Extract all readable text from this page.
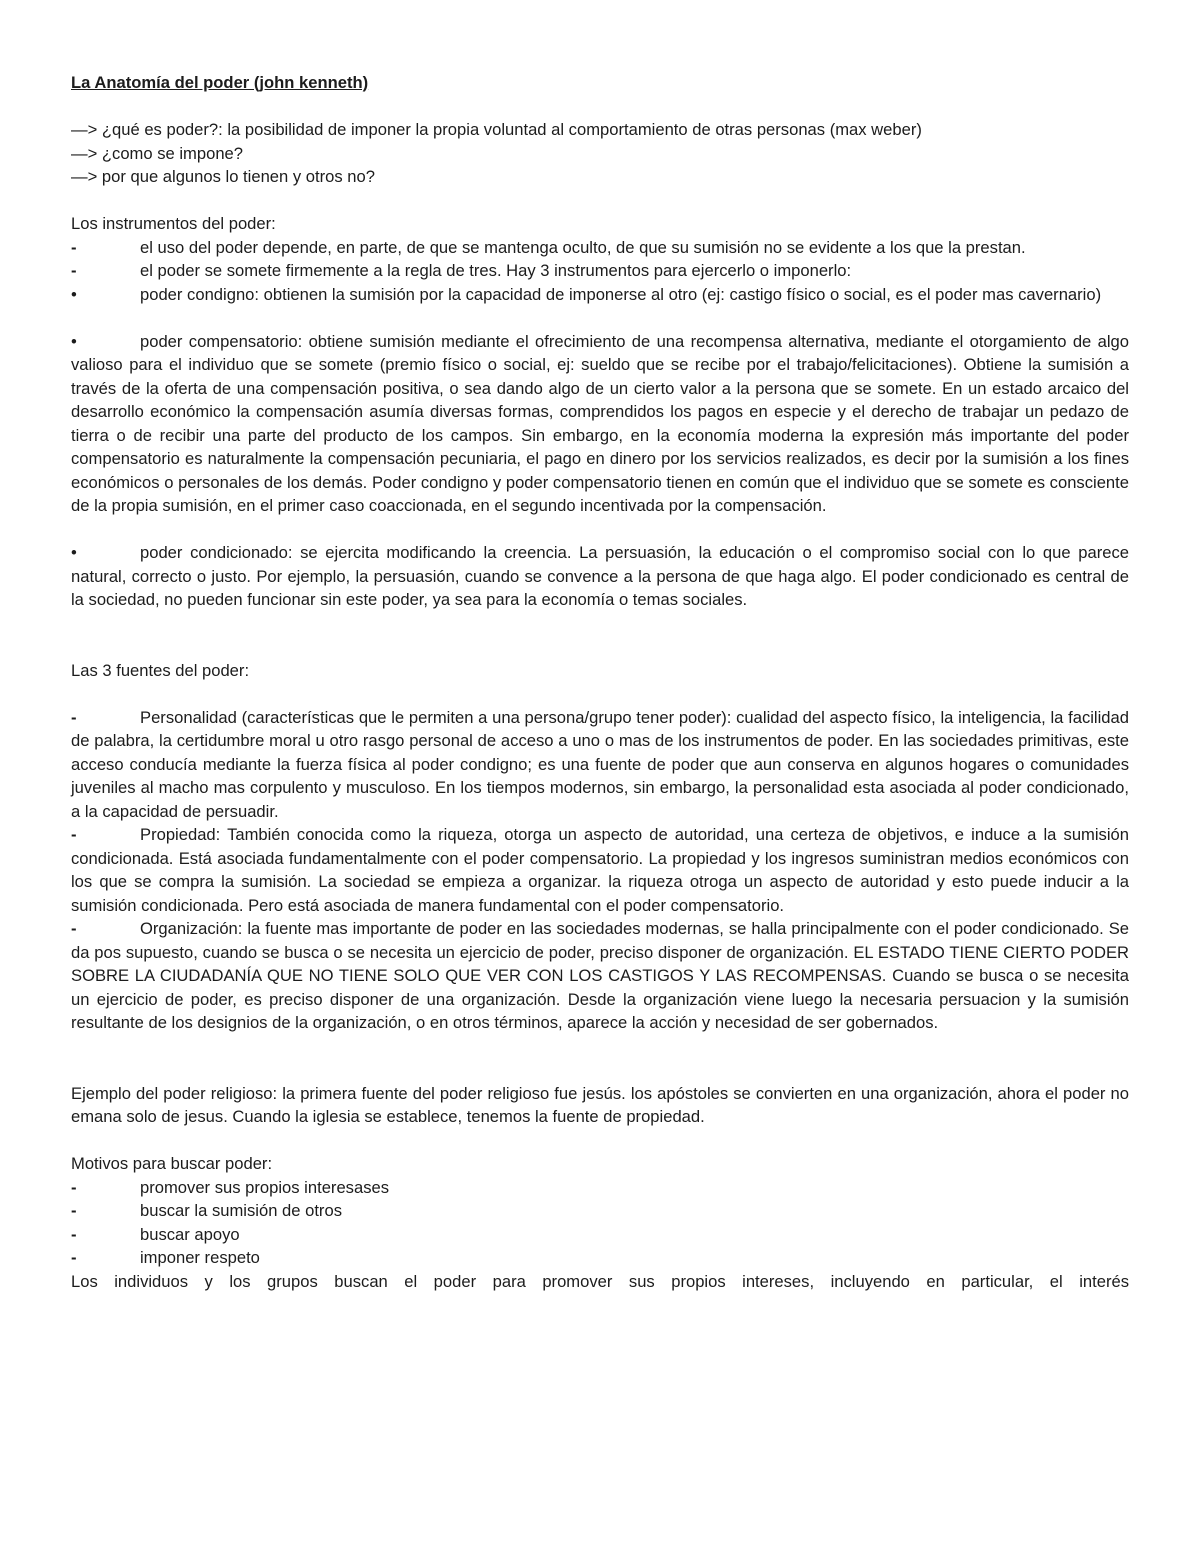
La Anatomía del poder (john kenneth)

—> ¿qué es poder?: la posibilidad de imponer la propia voluntad al comportamiento de otras personas (max weber)

—> ¿como se impone?

—> por que algunos lo tienen y otros no?

Los instrumentos del poder:

-	el uso del poder depende, en parte, de que se mantenga oculto, de que su sumisión no se evidente a los que la prestan.

-	el poder se somete firmemente a la regla de tres. Hay 3 instrumentos para ejercerlo o imponerlo:

•	poder condigno: obtienen la sumisión por la capacidad de imponerse al otro (ej: castigo físico o social, es el poder mas cavernario)

•	poder compensatorio: obtiene sumisión mediante el ofrecimiento de una recompensa alternativa, mediante el otorgamiento de algo valioso para el individuo que se somete (premio físico o social, ej: sueldo que se recibe por el trabajo/felicitaciones). Obtiene la sumisión a través de la oferta de una compensación positiva, o sea dando algo de un cierto valor a la persona que se somete. En un estado arcaico del desarrollo económico la compensación asumía diversas formas, comprendidos los pagos en especie y el derecho de trabajar un pedazo de tierra o de recibir una parte del producto de los campos. Sin embargo, en la economía moderna la expresión más importante del poder compensatorio es naturalmente la compensación pecuniaria, el pago en dinero por los servicios realizados, es decir por la sumisión a los fines económicos o personales de los demás. Poder condigno y poder compensatorio tienen en común que el individuo que se somete es consciente de la propia sumisión, en el primer caso coaccionada, en el segundo incentivada por la compensación.

•	poder condicionado: se ejercita modificando la creencia. La persuasión, la educación o el compromiso social con lo que parece natural, correcto o justo. Por ejemplo, la persuasión, cuando se convence a la persona de que haga algo. El poder condicionado es central de la sociedad, no pueden funcionar sin este poder, ya sea para la economía o temas sociales.

Las 3 fuentes del poder:

-	Personalidad (características que le permiten a una persona/grupo tener poder): cualidad del aspecto físico, la inteligencia, la facilidad de palabra, la certidumbre moral u otro rasgo personal de acceso a uno o mas de los instrumentos de poder. En las sociedades primitivas, este acceso conducía mediante la fuerza física al poder condigno; es una fuente de poder que aun conserva en algunos hogares o comunidades juveniles al macho mas corpulento y musculoso. En los tiempos modernos, sin embargo, la personalidad esta asociada al poder condicionado, a la capacidad de persuadir.

-	Propiedad: También conocida como la riqueza, otorga un aspecto de autoridad, una certeza de objetivos, e induce a la sumisión condicionada. Está asociada fundamentalmente con el poder compensatorio. La propiedad y los ingresos suministran medios económicos con los que se compra la sumisión. La sociedad se empieza a organizar. la riqueza otroga un aspecto de autoridad y esto puede inducir a la sumisión condicionada. Pero está asociada de manera fundamental con el poder compensatorio.

-	Organización: la fuente mas importante de poder en las sociedades modernas, se halla principalmente con el poder condicionado. Se da pos supuesto, cuando se busca o se necesita un ejercicio de poder, preciso disponer de organización. EL ESTADO TIENE CIERTO PODER SOBRE LA CIUDADANÍA QUE NO TIENE SOLO QUE VER CON LOS CASTIGOS Y LAS RECOMPENSAS. Cuando se busca o se necesita un ejercicio de poder, es preciso disponer de una organización. Desde la organización viene luego la necesaria persuacion y la sumisión resultante de los designios de la organización, o en otros términos, aparece la acción y necesidad de ser gobernados.

Ejemplo del poder religioso: la primera fuente del poder religioso fue jesús. los apóstoles se convierten en una organización, ahora el poder no emana solo de jesus. Cuando la iglesia se establece, tenemos la fuente de propiedad.

Motivos para buscar poder:

-	promover sus propios interesases

-	buscar la sumisión de otros

-	buscar apoyo

-	imponer respeto

Los individuos y los grupos buscan el poder para promover sus propios intereses, incluyendo en particular, el interés
